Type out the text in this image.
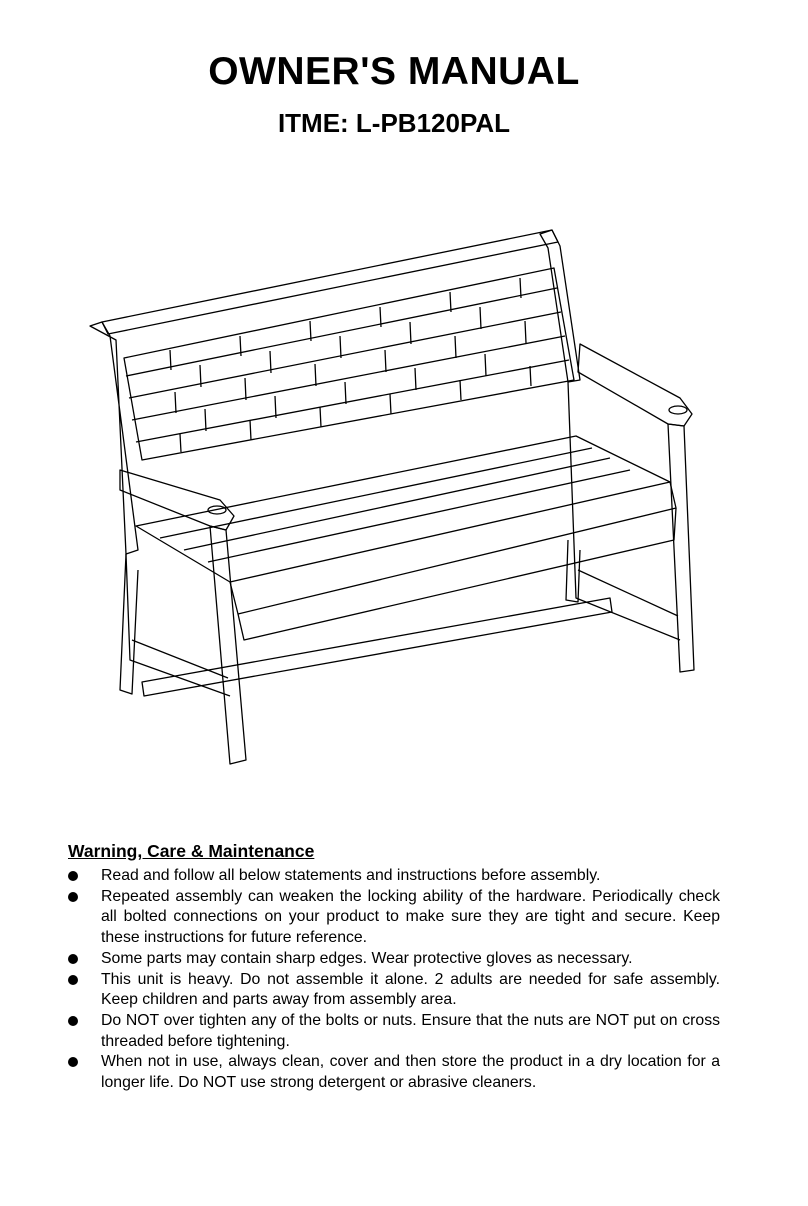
OWNER'S MANUAL
ITME: L-PB120PAL
Warning, Care & Maintenance
Read and follow all below statements and instructions before assembly.
Repeated assembly can weaken the locking ability of the hardware. Periodically check all bolted connections on your product to make sure they are tight and secure. Keep these instructions for future reference.
Some parts may contain sharp edges. Wear protective gloves as necessary.
This unit is heavy. Do not assemble it alone. 2 adults are needed for safe assembly. Keep children and parts away from assembly area.
Do NOT over tighten any of the bolts or nuts. Ensure that the nuts are NOT put on cross threaded before tightening.
When not in use, always clean, cover and then store the product in a dry location for a longer life. Do NOT use strong detergent or abrasive cleaners.
